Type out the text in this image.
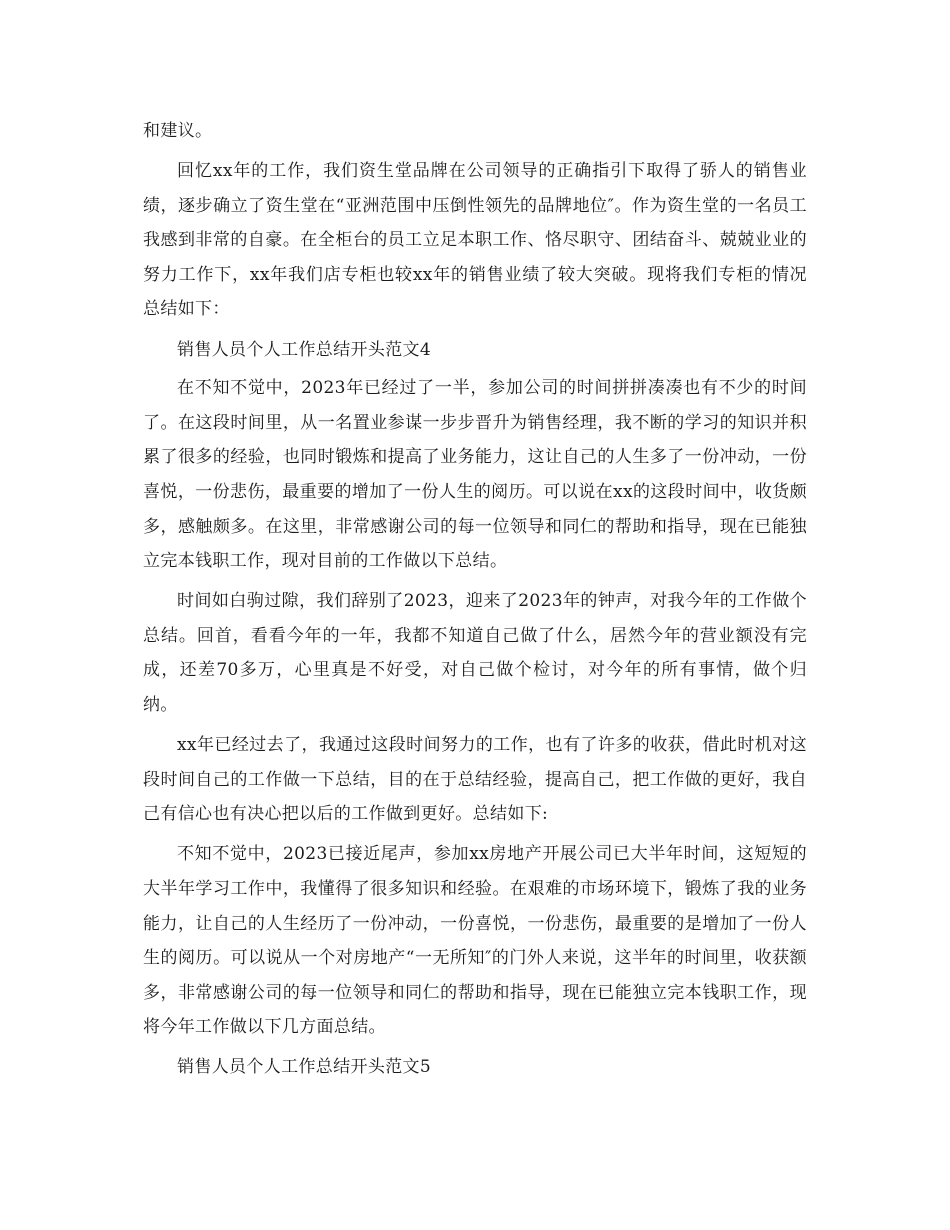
和建议。

回忆xx年的工作，我们资生堂品牌在公司领导的正确指引下取得了骄人的销售业绩，逐步确立了资生堂在“亚洲范围中压倒性领先的品牌地位″。作为资生堂的一名员工我感到非常的自豪。在全柜台的员工立足本职工作、恪尽职守、团结奋斗、兢兢业业的努力工作下，xx年我们店专柜也较xx年的销售业绩了较大突破。现将我们专柜的情况总结如下：

销售人员个人工作总结开头范文4

在不知不觉中，2023年已经过了一半，参加公司的时间拼拼凑凑也有不少的时间了。在这段时间里，从一名置业参谋一步步晋升为销售经理，我不断的学习的知识并积累了很多的经验，也同时锻炼和提高了业务能力，这让自己的人生多了一份冲动，一份喜悦，一份悲伤，最重要的增加了一份人生的阅历。可以说在xx的这段时间中，收货颇多，感触颇多。在这里，非常感谢公司的每一位领导和同仁的帮助和指导，现在已能独立完本钱职工作，现对目前的工作做以下总结。

时间如白驹过隙，我们辞别了2023，迎来了2023年的钟声，对我今年的工作做个总结。回首，看看今年的一年，我都不知道自己做了什么，居然今年的营业额没有完成，还差70多万，心里真是不好受，对自己做个检讨，对今年的所有事情，做个归纳。

xx年已经过去了，我通过这段时间努力的工作，也有了许多的收获，借此时机对这段时间自己的工作做一下总结，目的在于总结经验，提高自己，把工作做的更好，我自己有信心也有决心把以后的工作做到更好。总结如下:

不知不觉中，2023已接近尾声，参加xx房地产开展公司已大半年时间，这短短的大半年学习工作中，我懂得了很多知识和经验。在艰难的市场环境下，锻炼了我的业务能力，让自己的人生经历了一份冲动，一份喜悦，一份悲伤，最重要的是增加了一份人生的阅历。可以说从一个对房地产“一无所知″的门外人来说，这半年的时间里，收获额多，非常感谢公司的每一位领导和同仁的帮助和指导，现在已能独立完本钱职工作，现将今年工作做以下几方面总结。

销售人员个人工作总结开头范文5
